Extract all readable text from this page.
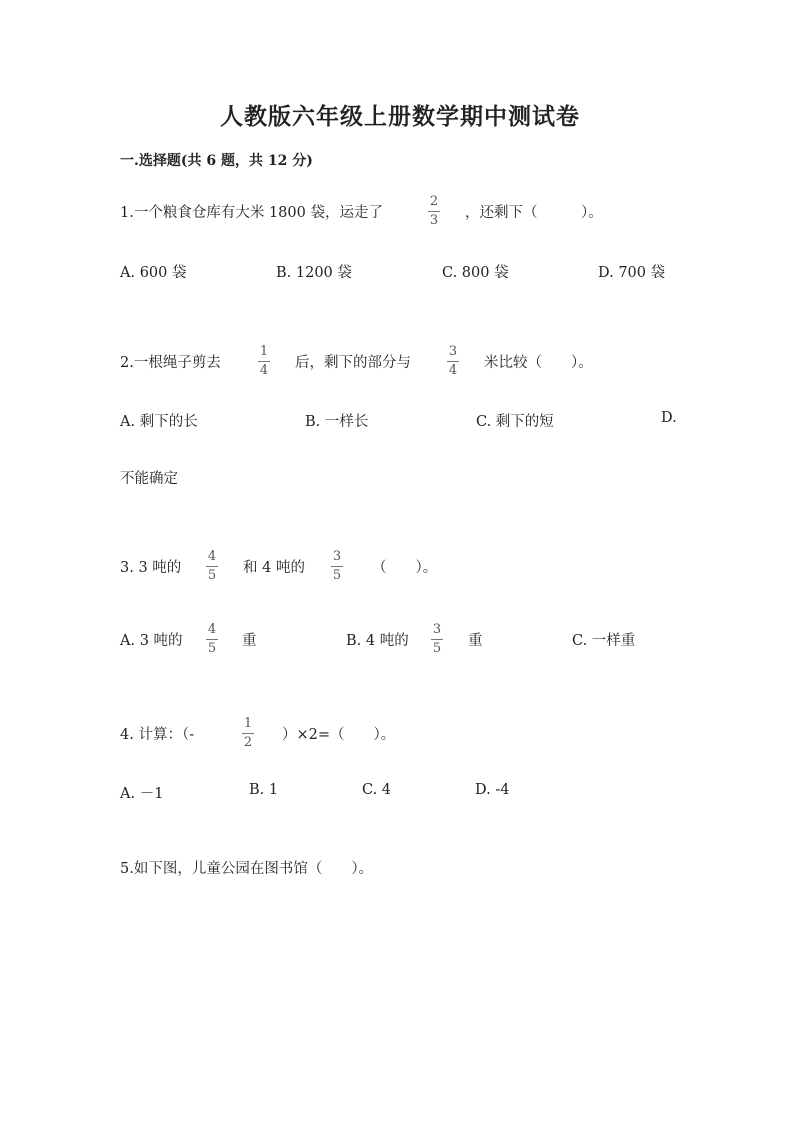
人教版六年级上册数学期中测试卷
一.选择题(共 6 题，共 12 分)
1.一个粮食仓库有大米 1800 袋，运走了
2
3 ，还剩下（　　　）。
A. 600 袋	B. 1200 袋	C. 800 袋	D. 700 袋
2.一根绳子剪去
1
4 后，剩下的部分与
3
4 米比较（　　）。
A. 剩下的长	B. 一样长	C. 剩下的短	D.
不能确定
3. 3 吨的
4
5 和 4 吨的
3
5 （　　）。
A. 3 吨的
4
5 重	B. 4 吨的
3
5 重	C. 一样重
4. 计算：（-
1
2 ）×2=（　　）。
A. －1	B. 1	C. 4	D. -4
5.如下图，儿童公园在图书馆（　　）。
